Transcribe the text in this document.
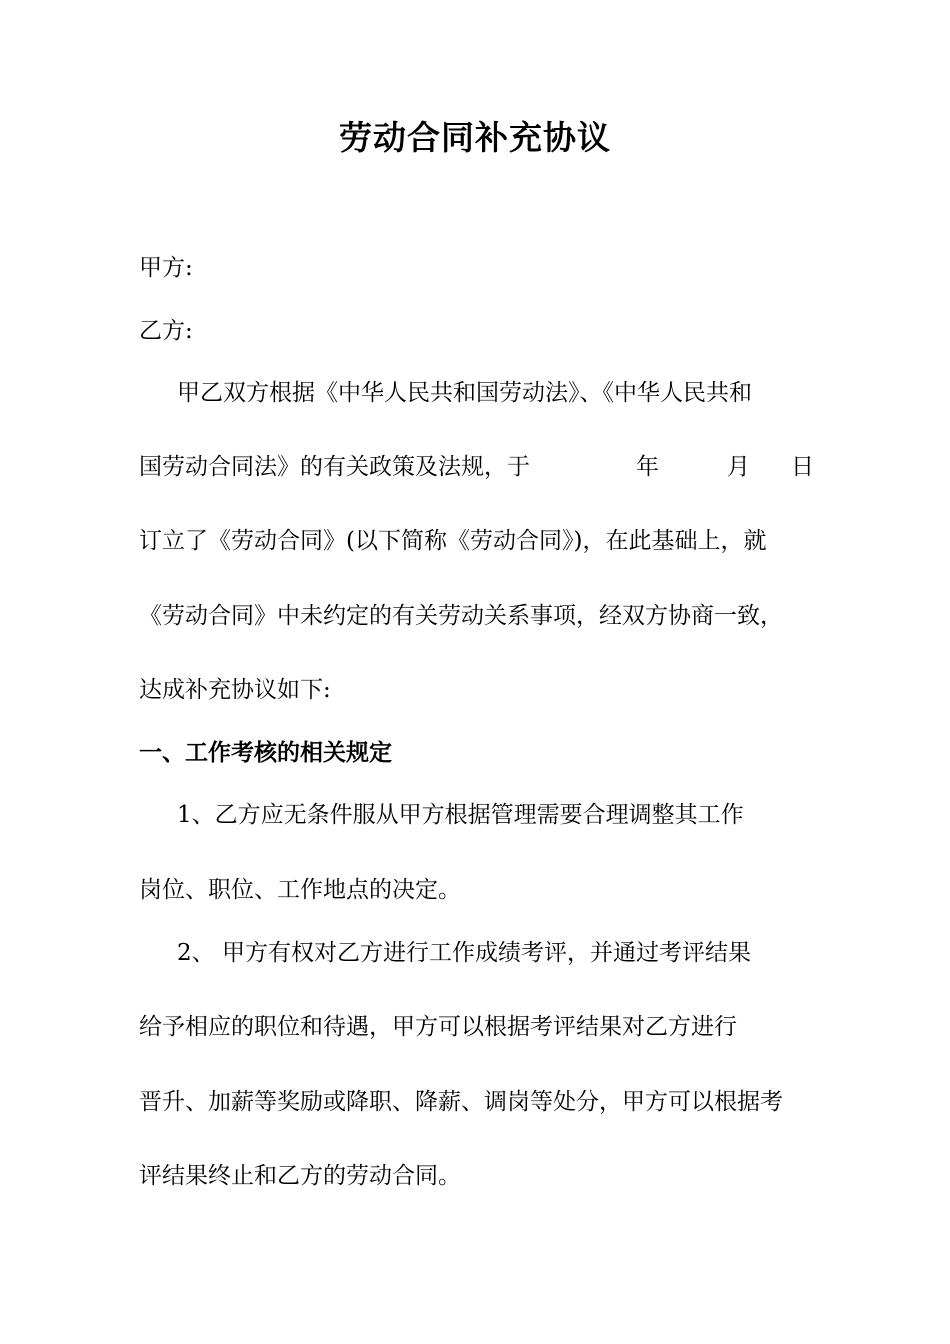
劳动合同补充协议
甲方:
乙方:
甲乙双方根据《中华人民共和国劳动法》、《中华人民共和
国劳动合同法》的有关政策及法规，于	年	月 日
订立了《劳动合同》(以下简称《劳动合同》)，在此基础上，就
《劳动合同》中未约定的有关劳动关系事项，经双方协商一致，
达成补充协议如下:
一、工作考核的相关规定
1、乙方应无条件服从甲方根据管理需要合理调整其工作
岗位、职位、工作地点的决定。
2、 甲方有权对乙方进行工作成绩考评，并通过考评结果
给予相应的职位和待遇，甲方可以根据考评结果对乙方进行
晋升、加薪等奖励或降职、降薪、调岗等处分，甲方可以根据考
评结果终止和乙方的劳动合同。
